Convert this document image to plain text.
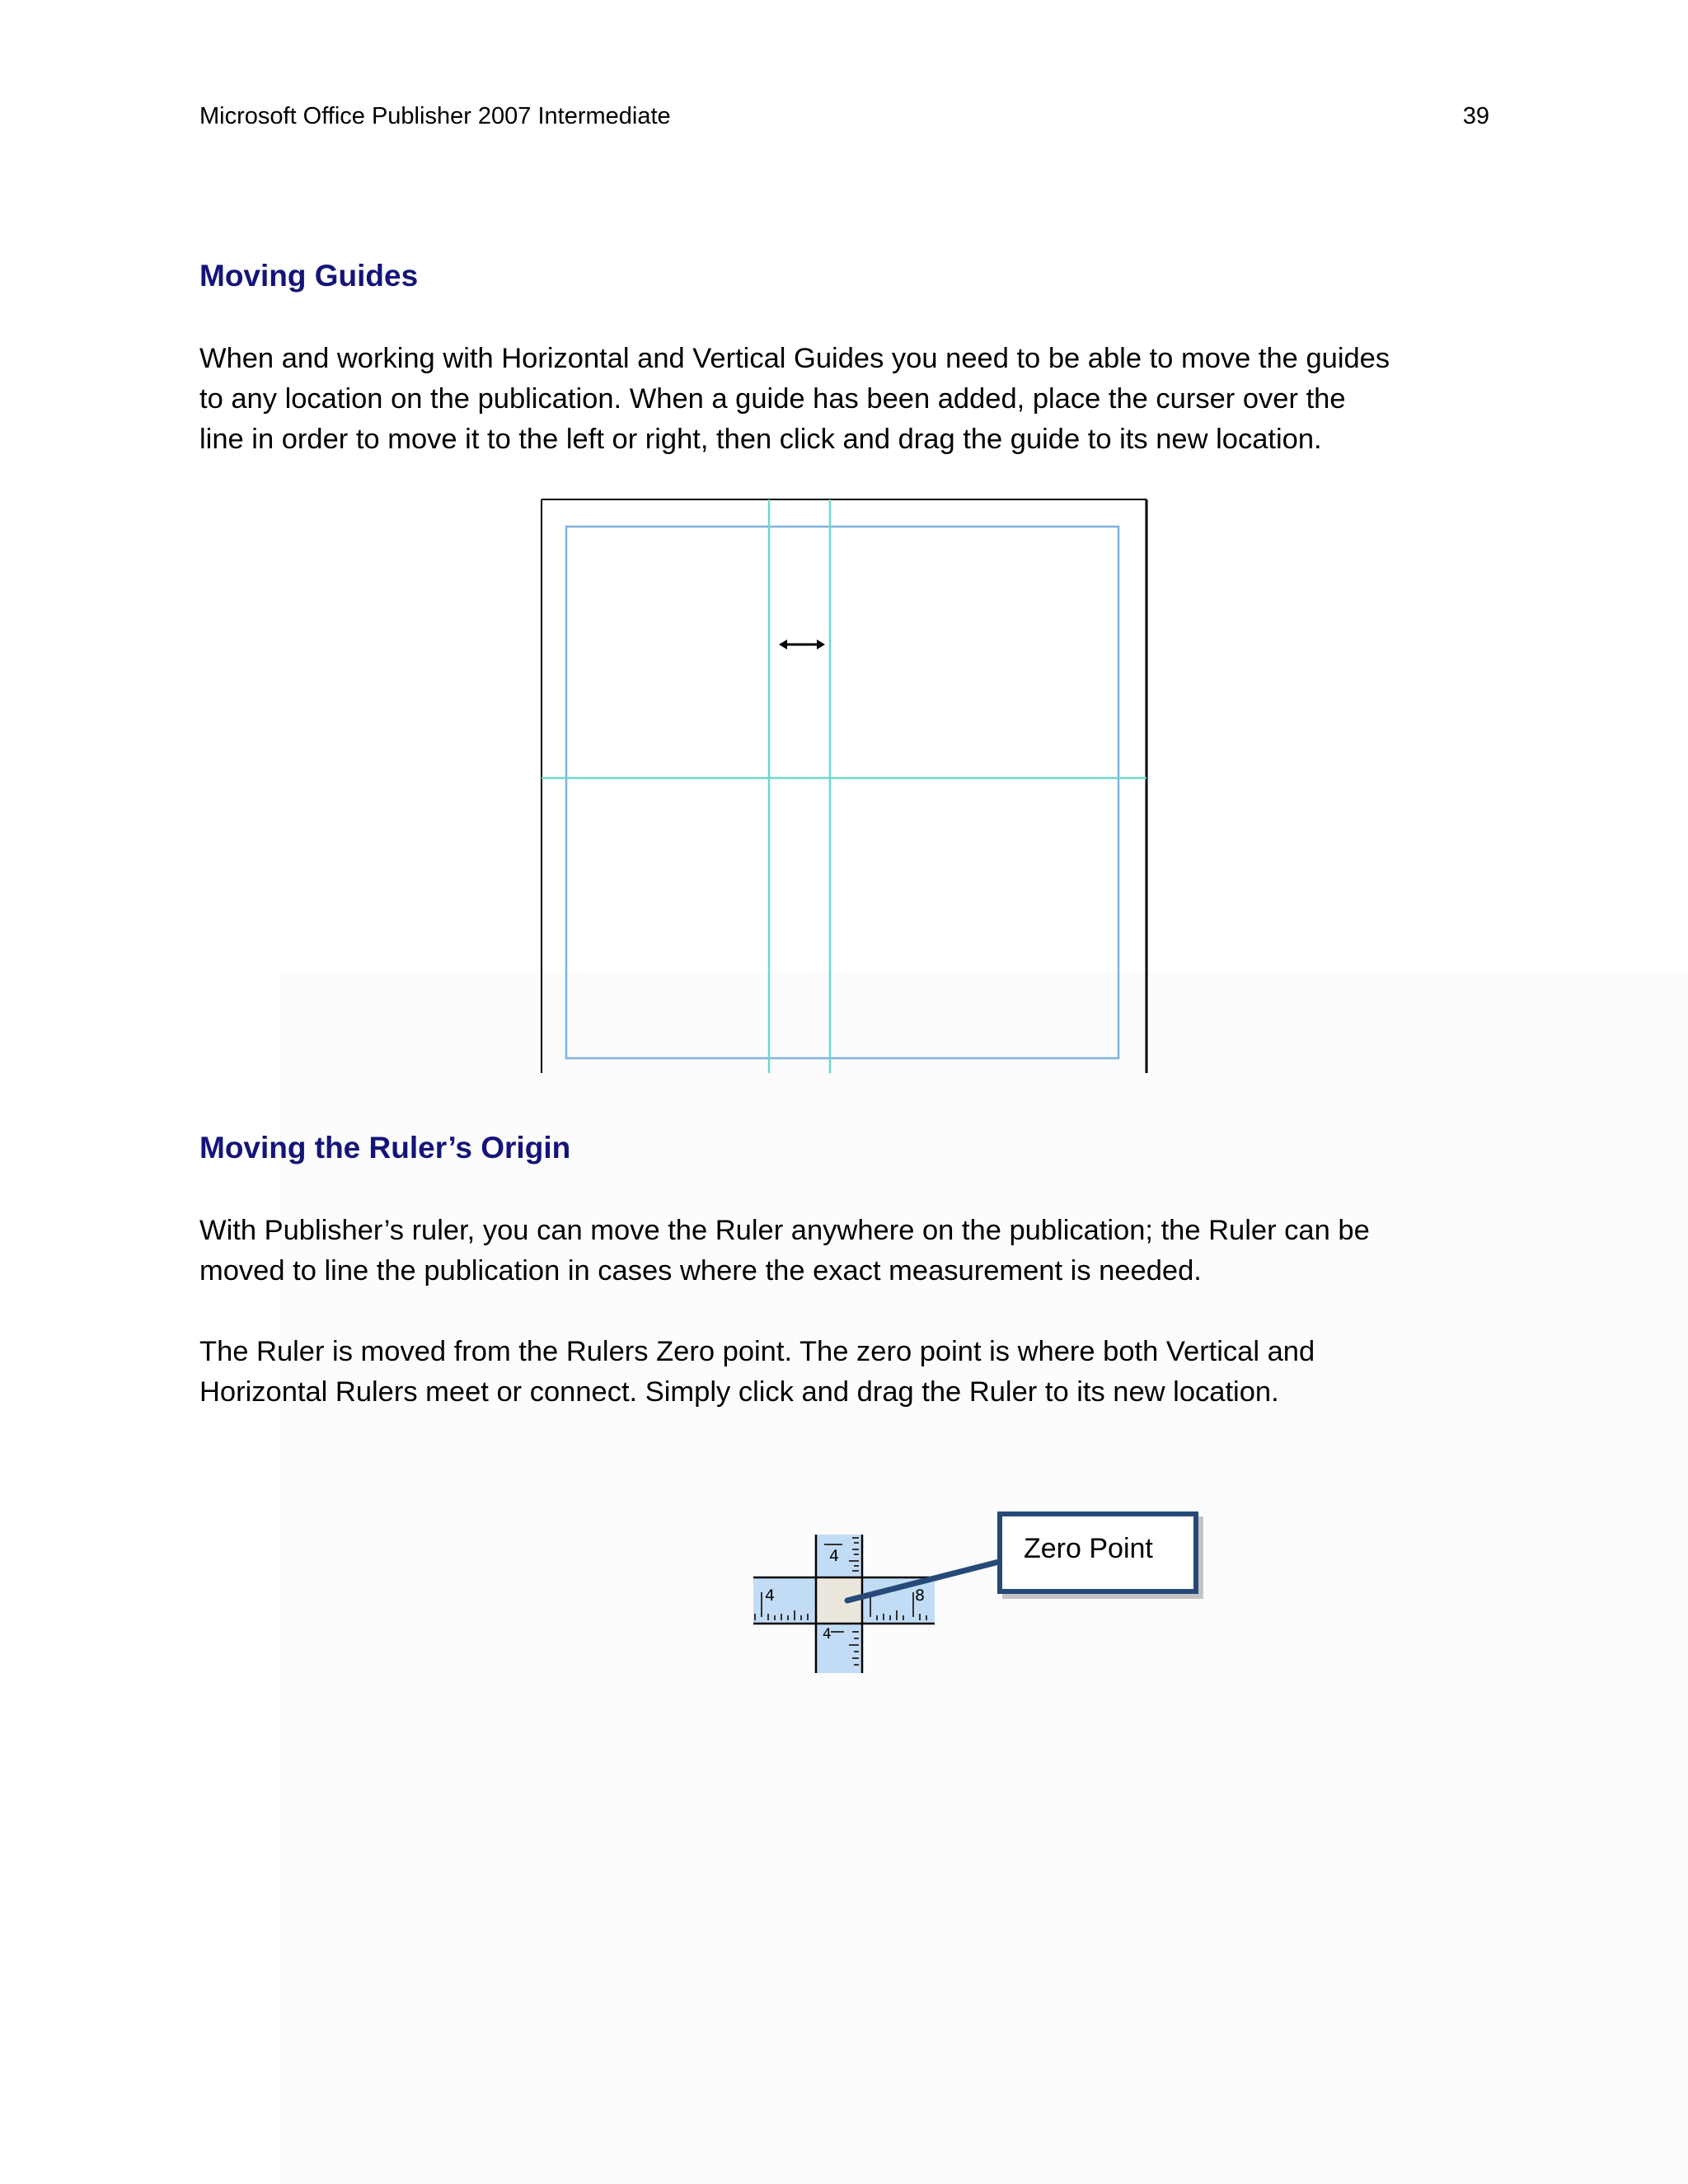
Microsoft Office Publisher 2007 Intermediate	39
Moving Guides
When and working with Horizontal and Vertical Guides you need to be able to move the guides
to any location on the publication. When a guide has been added, place the curser over the
line in order to move it to the left or right, then click and drag the guide to its new location.
Moving the Ruler’s Origin
With Publisher’s ruler, you can move the Ruler anywhere on the publication; the Ruler can be
moved to line the publication in cases where the exact measurement is needed.
The Ruler is moved from the Rulers Zero point. The zero point is where both Vertical and
Horizontal Rulers meet or connect. Simply click and drag the Ruler to its new location.
4
4	8
4
Zero Point
